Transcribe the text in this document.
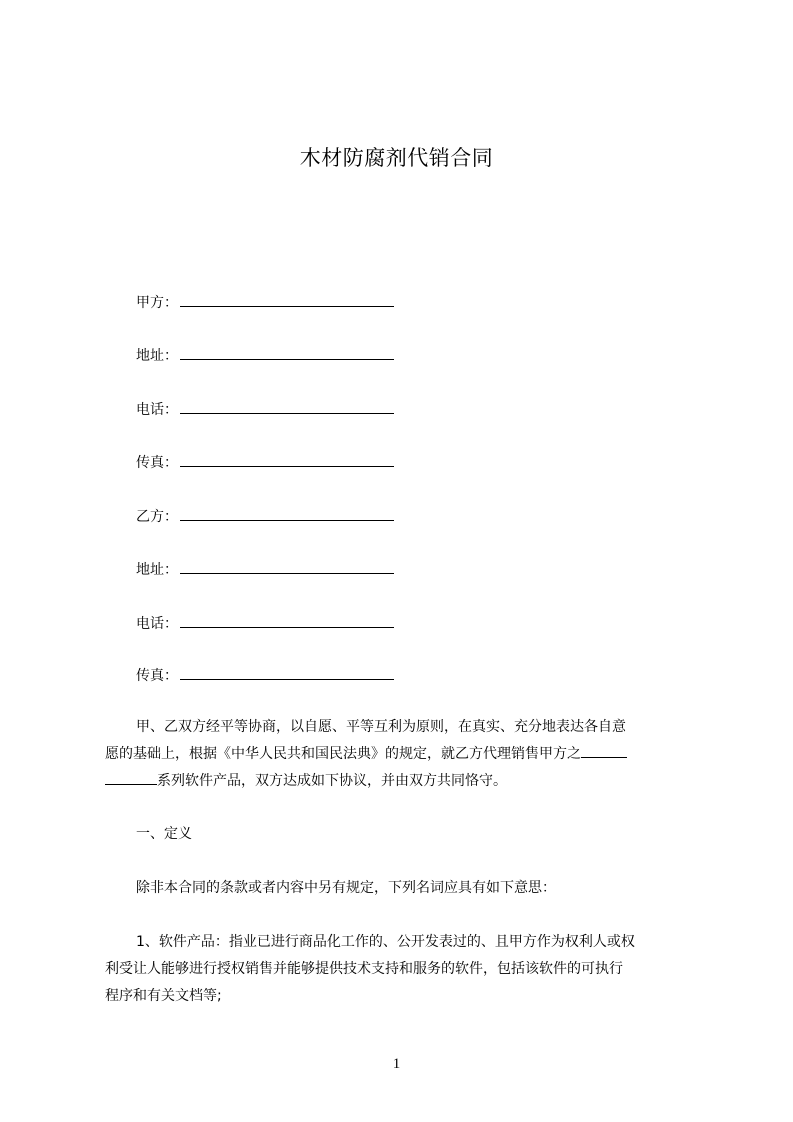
木材防腐剂代销合同
甲方：
地址：
电话：
传真：
乙方：
地址：
电话：
传真：
甲、乙双方经平等协商，以自愿、平等互利为原则，在真实、充分地表达各自意
愿的基础上，根据《中华人民共和国民法典》的规定，就乙方代理销售甲方之
系列软件产品，双方达成如下协议，并由双方共同恪守。
一、定义
除非本合同的条款或者内容中另有规定，下列名词应具有如下意思：
1、软件产品：指业已进行商品化工作的、公开发表过的、且甲方作为权利人或权
利受让人能够进行授权销售并能够提供技术支持和服务的软件，包括该软件的可执行
程序和有关文档等;
1
